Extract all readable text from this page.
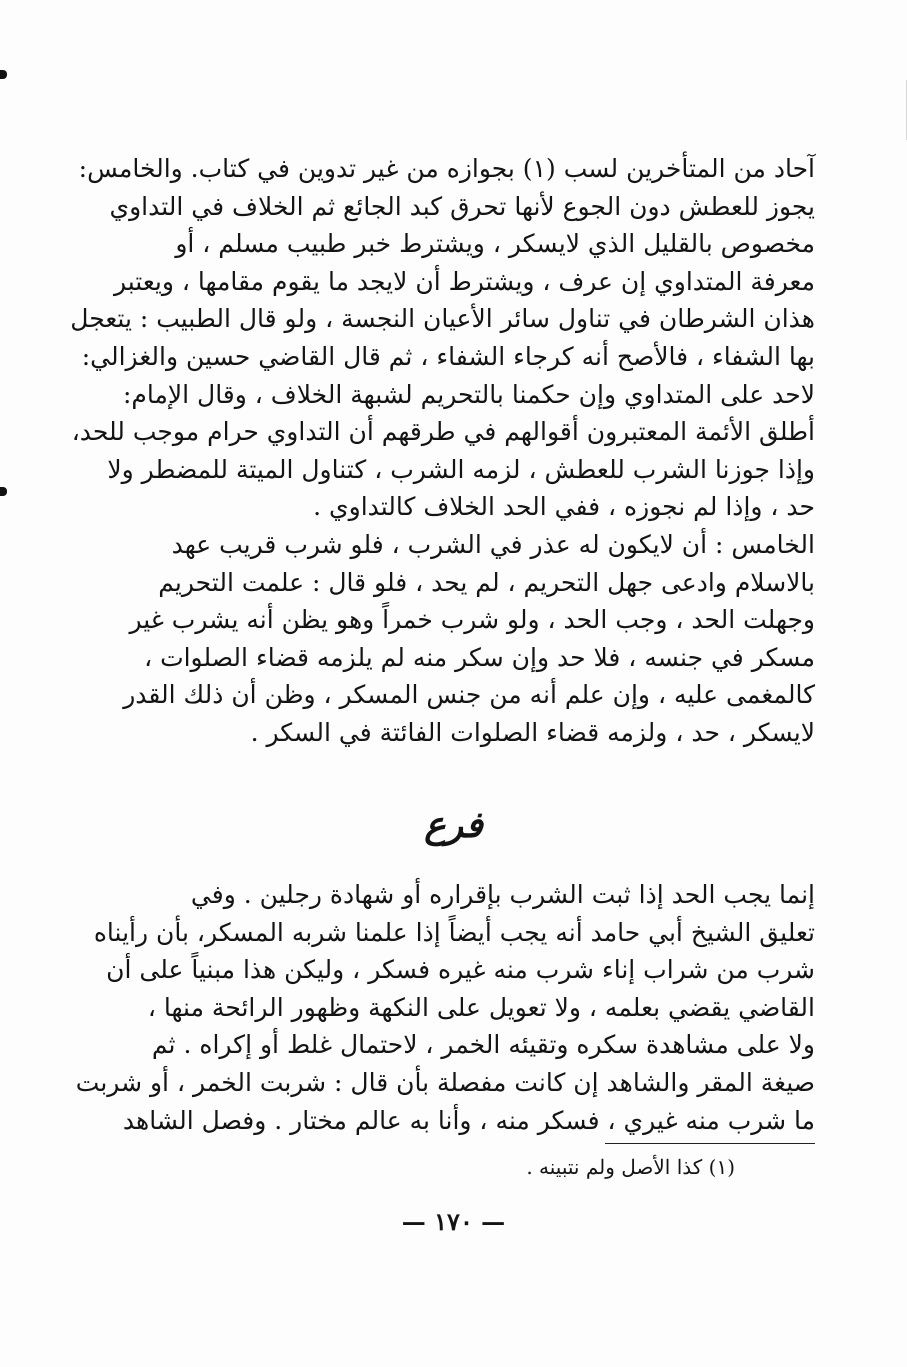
آحاد من المتأخرين لسب (١) بجوازه من غير تدوين في كتاب. والخامس:
يجوز للعطش دون الجوع لأنها تحرق كبد الجائع ثم الخلاف في التداوي
مخصوص بالقليل الذي لايسكر ، ويشترط خبر طبيب مسلم ، أو
معرفة المتداوي إن عرف ، ويشترط أن لايجد ما يقوم مقامها ، ويعتبر
هذان الشرطان في تناول سائر الأعيان النجسة ، ولو قال الطبيب : يتعجل
بها الشفاء ، فالأصح أنه كرجاء الشفاء ، ثم قال القاضي حسين والغزالي:
لاحد على المتداوي وإن حكمنا بالتحريم لشبهة الخلاف ، وقال الإمام:
أطلق الأئمة المعتبرون أقوالهم في طرقهم أن التداوي حرام موجب للحد،
وإذا جوزنا الشرب للعطش ، لزمه الشرب ، كتناول الميتة للمضطر ولا
حد ، وإذا لم نجوزه ، ففي الحد الخلاف كالتداوي .
الخامس : أن لايكون له عذر في الشرب ، فلو شرب قريب عهد
بالاسلام وادعى جهل التحريم ، لم يحد ، فلو قال : علمت التحريم
وجهلت الحد ، وجب الحد ، ولو شرب خمراً وهو يظن أنه يشرب غير
مسكر في جنسه ، فلا حد وإن سكر منه لم يلزمه قضاء الصلوات ،
كالمغمى عليه ، وإن علم أنه من جنس المسكر ، وظن أن ذلك القدر
لايسكر ، حد ، ولزمه قضاء الصلوات الفائتة في السكر .
فرع
إنما يجب الحد إذا ثبت الشرب بإقراره أو شهادة رجلين . وفي
تعليق الشيخ أبي حامد أنه يجب أيضاً إذا علمنا شربه المسكر، بأن رأيناه
شرب من شراب إناء شرب منه غيره فسكر ، وليكن هذا مبنياً على أن
القاضي يقضي بعلمه ، ولا تعويل على النكهة وظهور الرائحة منها ،
ولا على مشاهدة سكره وتقيئه الخمر ، لاحتمال غلط أو إكراه . ثم
صيغة المقر والشاهد إن كانت مفصلة بأن قال : شربت الخمر ، أو شربت
ما شرب منه غيري ، فسكر منه ، وأنا به عالم مختار . وفصل الشاهد
(١) كذا الأصل ولم نتبينه .
— ١٧٠ —
